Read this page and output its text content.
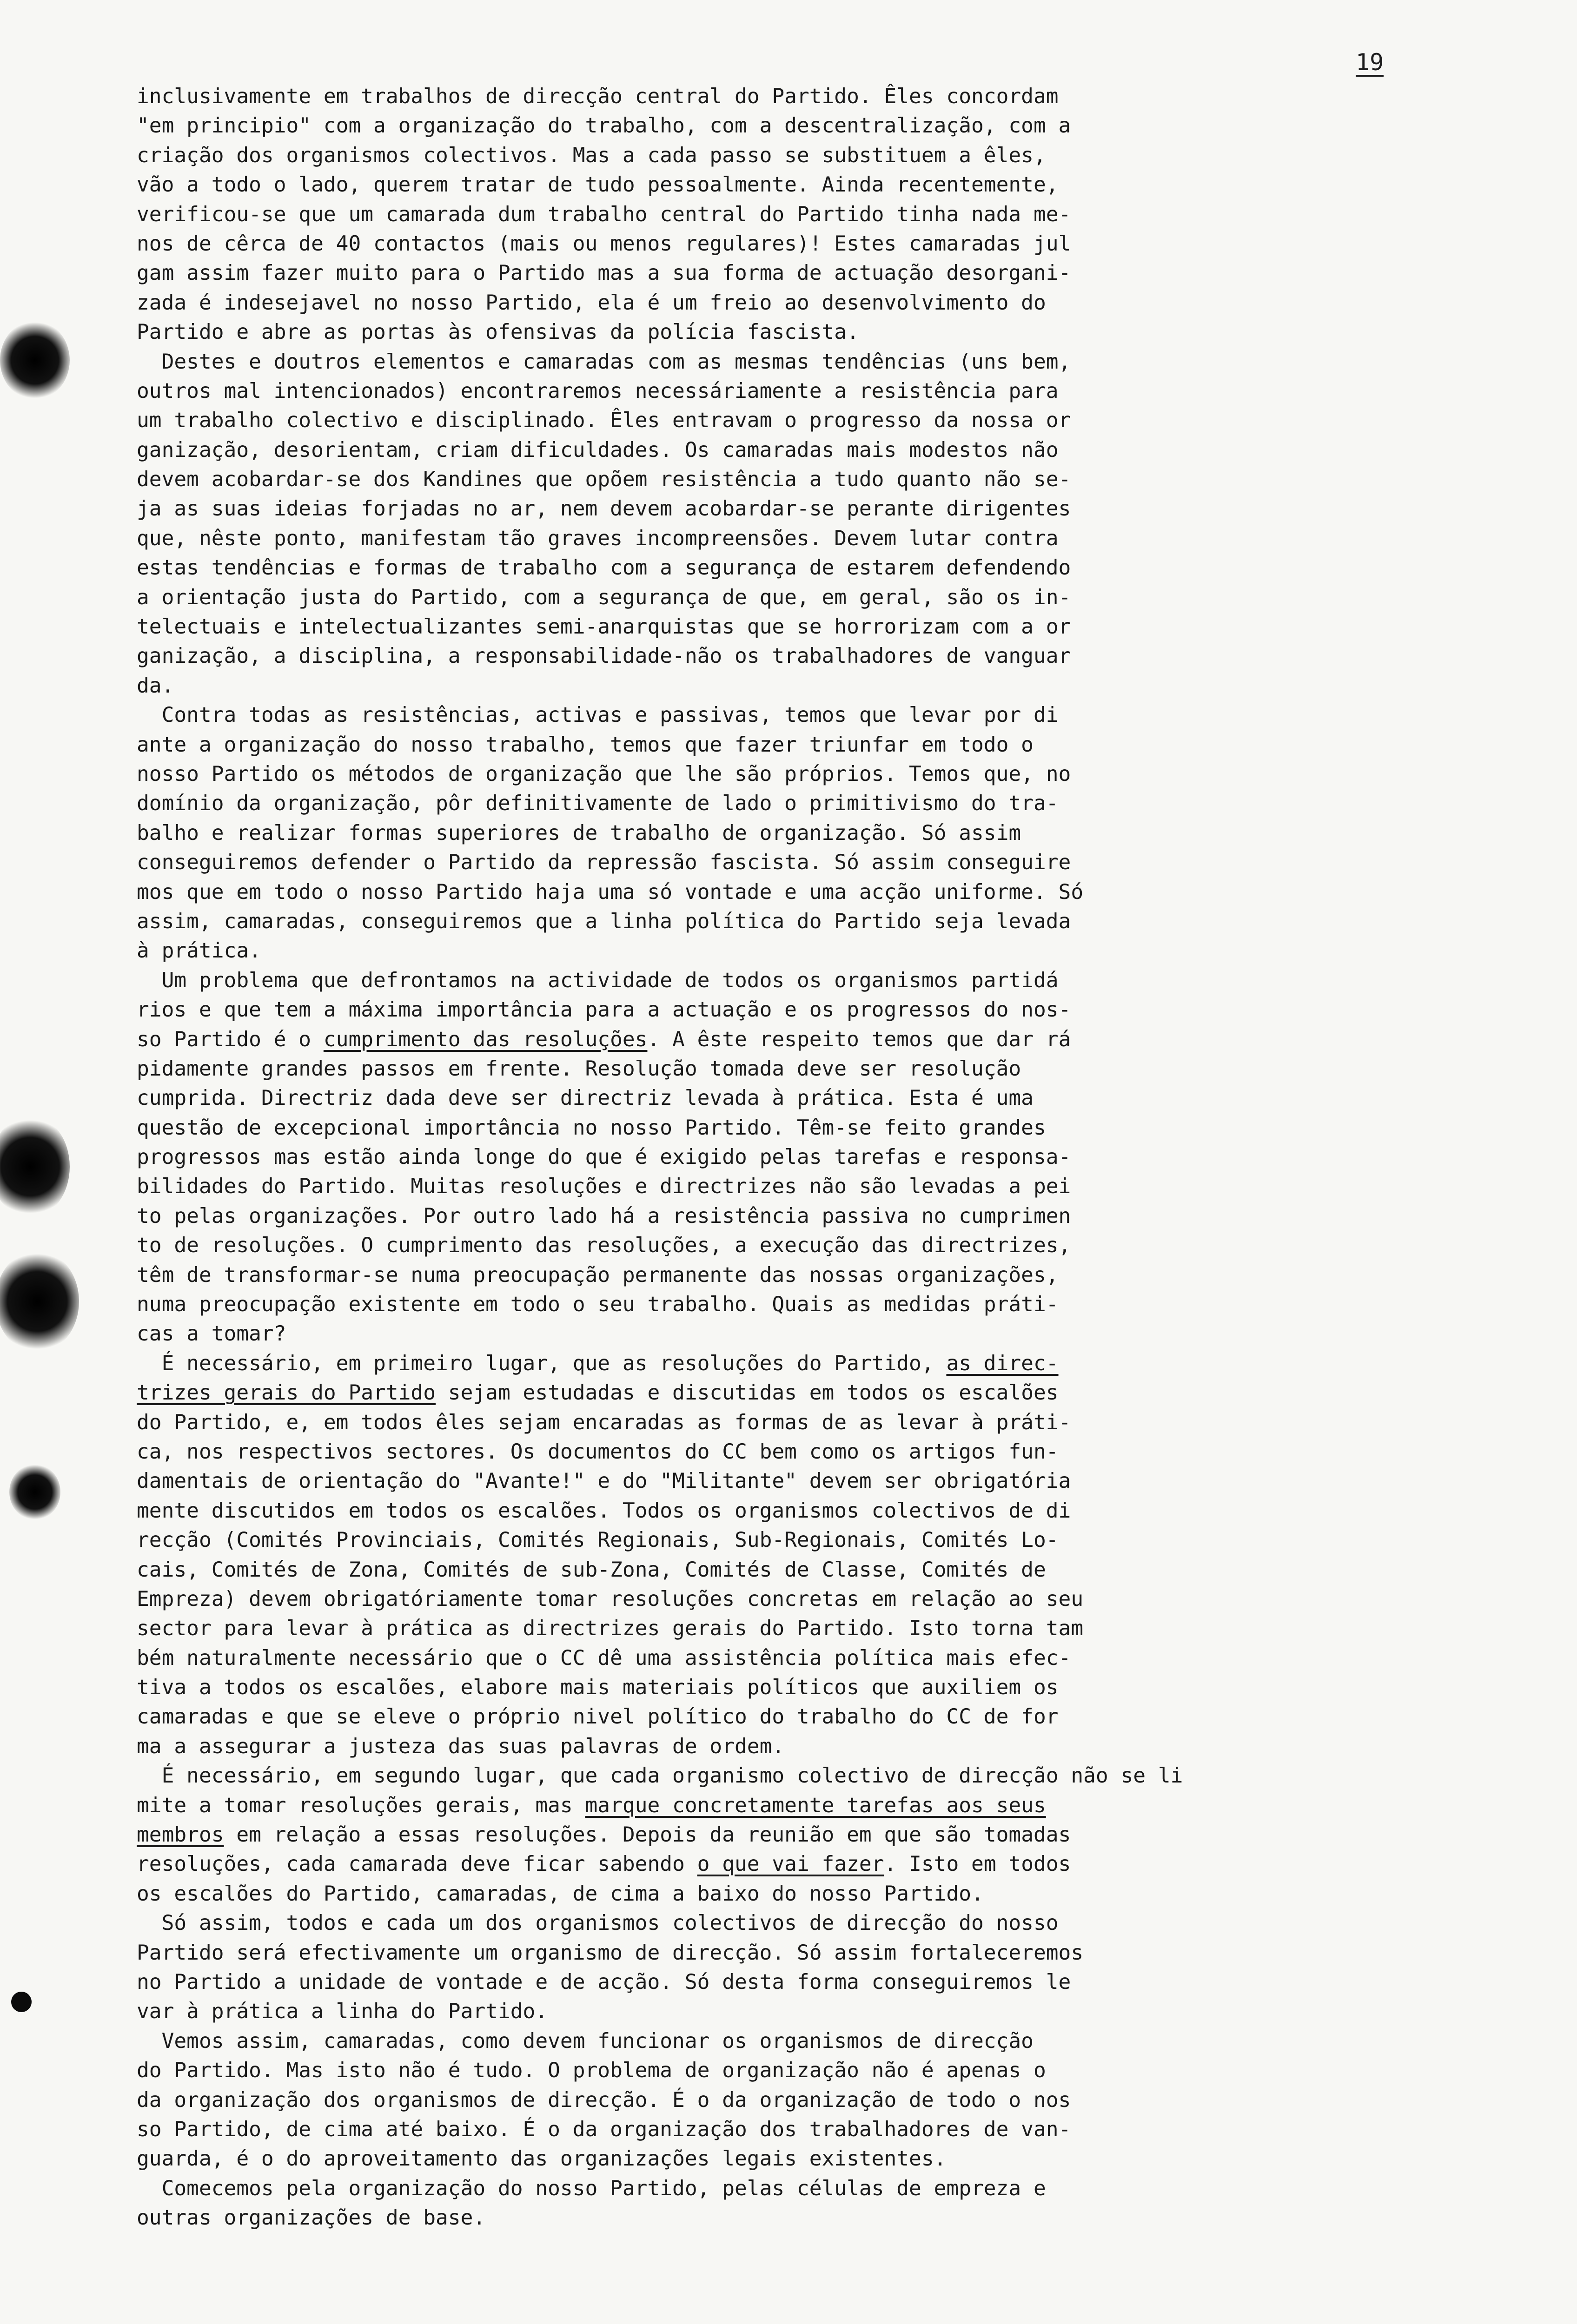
19
inclusivamente em trabalhos de direcção central do Partido. Êles concordam
"em principio" com a organização do trabalho, com a descentralização, com a
criação dos organismos colectivos. Mas a cada passo se substituem a êles,
vão a todo o lado, querem tratar de tudo pessoalmente. Ainda recentemente,
verificou-se que um camarada dum trabalho central do Partido tinha nada me-
nos de cêrca de 40 contactos (mais ou menos regulares)! Estes camaradas jul
gam assim fazer muito para o Partido mas a sua forma de actuação desorgani-
zada é indesejavel no nosso Partido, ela é um freio ao desenvolvimento do
Partido e abre as portas às ofensivas da polícia fascista.
Destes e doutros elementos e camaradas com as mesmas tendências (uns bem,
outros mal intencionados) encontraremos necessáriamente a resistência para
um trabalho colectivo e disciplinado. Êles entravam o progresso da nossa or
ganização, desorientam, criam dificuldades. Os camaradas mais modestos não
devem acobardar-se dos Kandines que opõem resistência a tudo quanto não se-
ja as suas ideias forjadas no ar, nem devem acobardar-se perante dirigentes
que, nêste ponto, manifestam tão graves incompreensões. Devem lutar contra
estas tendências e formas de trabalho com a segurança de estarem defendendo
a orientação justa do Partido, com a segurança de que, em geral, são os in-
telectuais e intelectualizantes semi-anarquistas que se horrorizam com a or
ganização, a disciplina, a responsabilidade-não os trabalhadores de vanguar
da.
Contra todas as resistências, activas e passivas, temos que levar por di
ante a organização do nosso trabalho, temos que fazer triunfar em todo o
nosso Partido os métodos de organização que lhe são próprios. Temos que, no
domínio da organização, pôr definitivamente de lado o primitivismo do tra-
balho e realizar formas superiores de trabalho de organização. Só assim
conseguiremos defender o Partido da repressão fascista. Só assim conseguire
mos que em todo o nosso Partido haja uma só vontade e uma acção uniforme. Só
assim, camaradas, conseguiremos que a linha política do Partido seja levada
à prática.
Um problema que defrontamos na actividade de todos os organismos partidá
rios e que tem a máxima importância para a actuação e os progressos do nos-
so Partido é o cumprimento das resoluções. A êste respeito temos que dar rá
pidamente grandes passos em frente. Resolução tomada deve ser resolução
cumprida. Directriz dada deve ser directriz levada à prática. Esta é uma
questão de excepcional importância no nosso Partido. Têm-se feito grandes
progressos mas estão ainda longe do que é exigido pelas tarefas e responsa-
bilidades do Partido. Muitas resoluções e directrizes não são levadas a pei
to pelas organizações. Por outro lado há a resistência passiva no cumprimen
to de resoluções. O cumprimento das resoluções, a execução das directrizes,
têm de transformar-se numa preocupação permanente das nossas organizações,
numa preocupação existente em todo o seu trabalho. Quais as medidas práti-
cas a tomar?
É necessário, em primeiro lugar, que as resoluções do Partido, as direc-
trizes gerais do Partido sejam estudadas e discutidas em todos os escalões
do Partido, e, em todos êles sejam encaradas as formas de as levar à práti-
ca, nos respectivos sectores. Os documentos do CC bem como os artigos fun-
damentais de orientação do "Avante!" e do "Militante" devem ser obrigatória
mente discutidos em todos os escalões. Todos os organismos colectivos de di
recção (Comités Provinciais, Comités Regionais, Sub-Regionais, Comités Lo-
cais, Comités de Zona, Comités de sub-Zona, Comités de Classe, Comités de
Empreza) devem obrigatóriamente tomar resoluções concretas em relação ao seu
sector para levar à prática as directrizes gerais do Partido. Isto torna tam
bém naturalmente necessário que o CC dê uma assistência política mais efec-
tiva a todos os escalões, elabore mais materiais políticos que auxiliem os
camaradas e que se eleve o próprio nivel político do trabalho do CC de for
ma a assegurar a justeza das suas palavras de ordem.
É necessário, em segundo lugar, que cada organismo colectivo de direcção não se li
mite a tomar resoluções gerais, mas marque concretamente tarefas aos seus
membros em relação a essas resoluções. Depois da reunião em que são tomadas
resoluções, cada camarada deve ficar sabendo o que vai fazer. Isto em todos
os escalões do Partido, camaradas, de cima a baixo do nosso Partido.
Só assim, todos e cada um dos organismos colectivos de direcção do nosso
Partido será efectivamente um organismo de direcção. Só assim fortaleceremos
no Partido a unidade de vontade e de acção. Só desta forma conseguiremos le
var à prática a linha do Partido.
Vemos assim, camaradas, como devem funcionar os organismos de direcção
do Partido. Mas isto não é tudo. O problema de organização não é apenas o
da organização dos organismos de direcção. É o da organização de todo o nos
so Partido, de cima até baixo. É o da organização dos trabalhadores de van-
guarda, é o do aproveitamento das organizações legais existentes.
Comecemos pela organização do nosso Partido, pelas células de empreza e
outras organizações de base.
